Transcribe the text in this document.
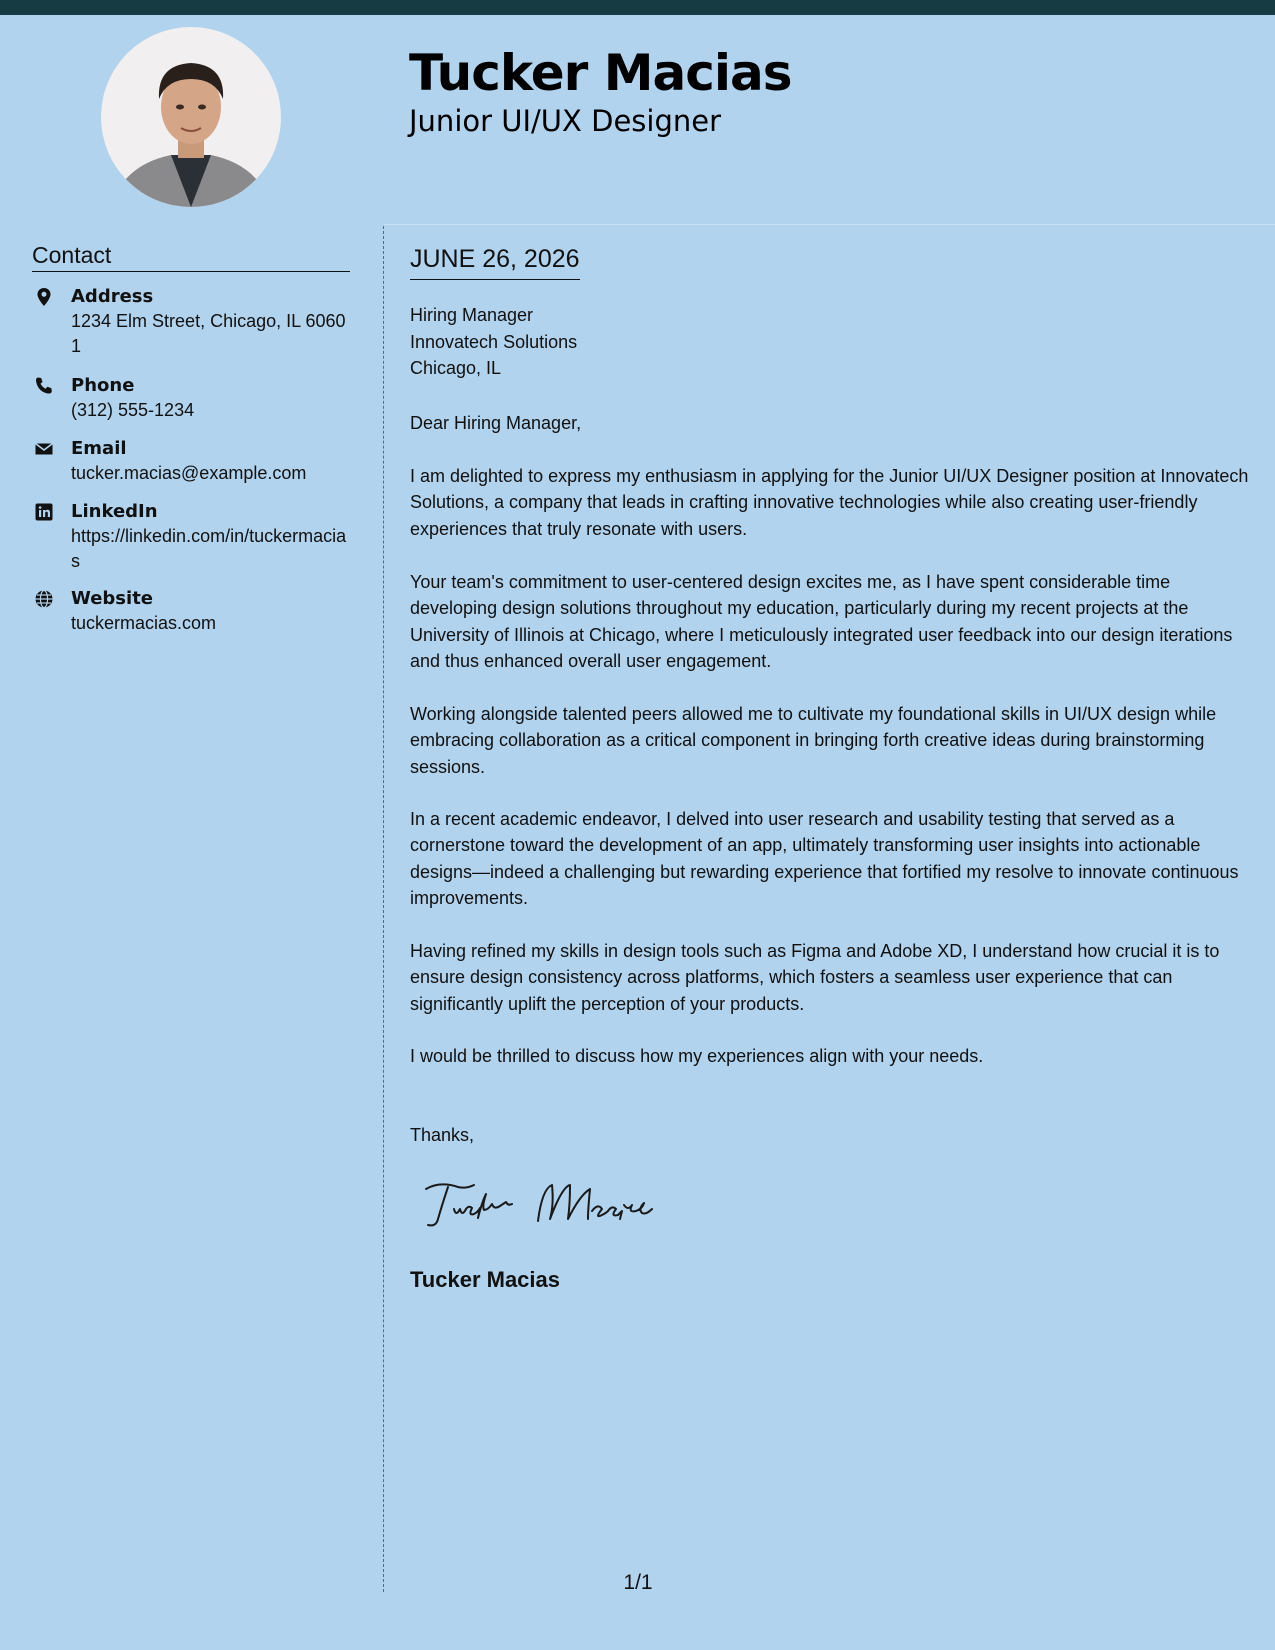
Tucker Macias
Junior UI/UX Designer
Contact
Address
1234 Elm Street, Chicago, IL 60601
Phone
(312) 555-1234
Email
tucker.macias@example.com
LinkedIn
https://linkedin.com/in/tuckermacias
Website
tuckermacias.com
JUNE 26, 2026
Hiring Manager
Innovatech Solutions
Chicago, IL
Dear Hiring Manager,

I am delighted to express my enthusiasm in applying for the Junior UI/UX Designer position at Innovatech Solutions, a company that leads in crafting innovative technologies while also creating user-friendly experiences that truly resonate with users.

Your team's commitment to user-centered design excites me, as I have spent considerable time developing design solutions throughout my education, particularly during my recent projects at the University of Illinois at Chicago, where I meticulously integrated user feedback into our design iterations and thus enhanced overall user engagement.

Working alongside talented peers allowed me to cultivate my foundational skills in UI/UX design while embracing collaboration as a critical component in bringing forth creative ideas during brainstorming sessions.

In a recent academic endeavor, I delved into user research and usability testing that served as a cornerstone toward the development of an app, ultimately transforming user insights into actionable designs—indeed a challenging but rewarding experience that fortified my resolve to innovate continuous improvements.

Having refined my skills in design tools such as Figma and Adobe XD, I understand how crucial it is to ensure design consistency across platforms, which fosters a seamless user experience that can significantly uplift the perception of your products.

I would be thrilled to discuss how my experiences align with your needs.

Thanks,
Tucker Macias
1/1
